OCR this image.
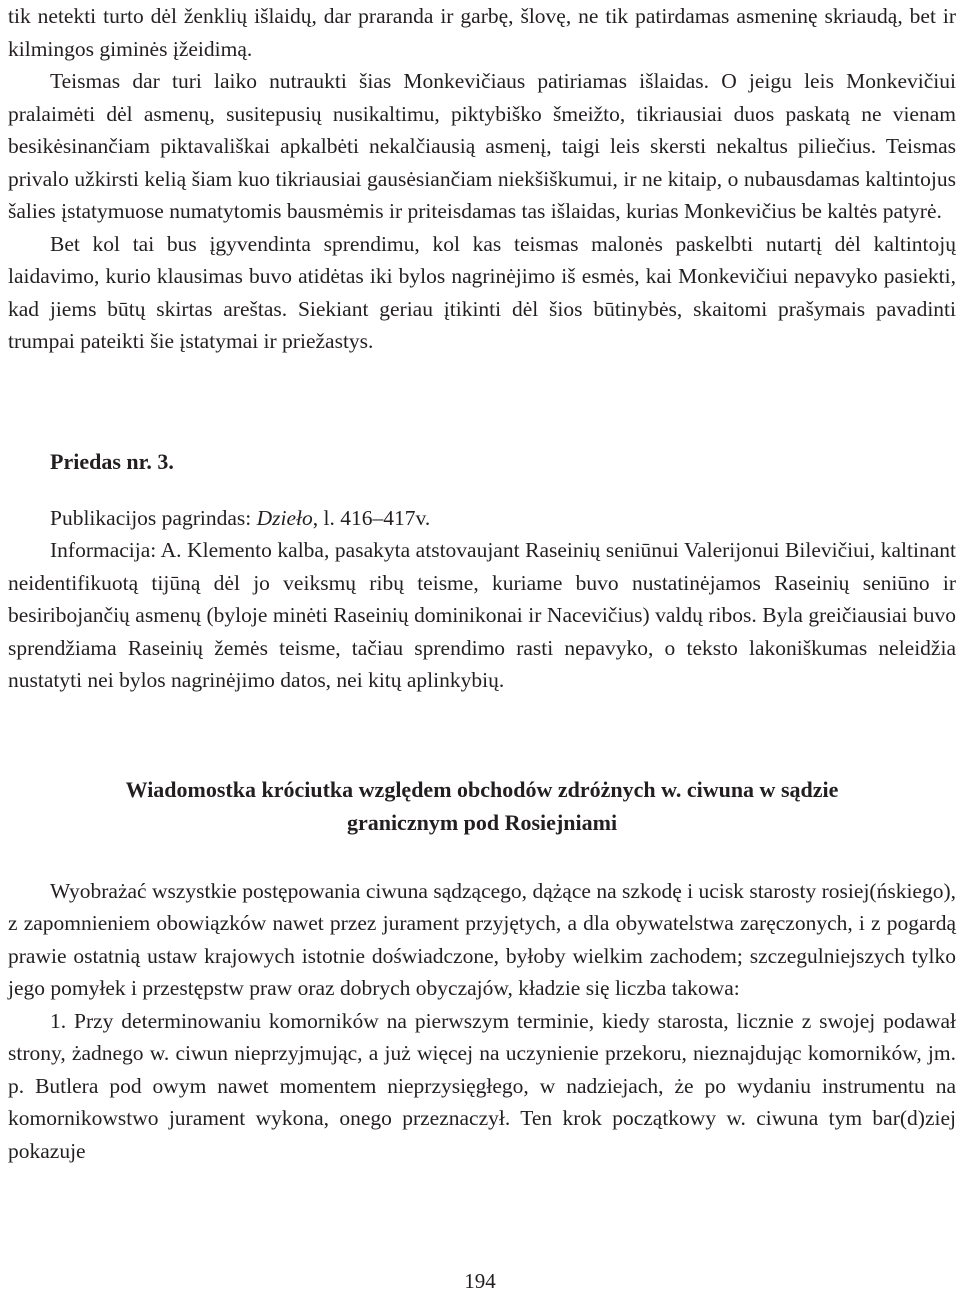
tik netekti turto dėl ženklių išlaidų, dar praranda ir garbę, šlovę, ne tik patirdamas asmeninę skriaudą, bet ir kilmingos giminės įžeidimą.

Teismas dar turi laiko nutraukti šias Monkevičiaus patiriamas išlaidas. O jeigu leis Monkevičiui pralaimėti dėl asmenų, susitepusių nusikaltimu, piktybiško šmeižto, tikriausiai duos paskatą ne vienam besikėsinančiam piktavališkai apkalbėti nekalčiausią asmenį, taigi leis skersti nekaltus piliečius. Teismas privalo užkirsti kelią šiam kuo tikriausiai gausėsiančiam niekšiškumui, ir ne kitaip, o nubausdamas kaltintojus šalies įstatymuose numatytomis bausmėmis ir priteisdamas tas išlaidas, kurias Monkevičius be kaltės patyrė.

Bet kol tai bus įgyvendinta sprendimu, kol kas teismas malonės paskelbti nutartį dėl kaltintojų laidavimo, kurio klausimas buvo atidėtas iki bylos nagrinėjimo iš esmės, kai Monkevičiui nepavyko pasiekti, kad jiems būtų skirtas areštas. Siekiant geriau įtikinti dėl šios būtinybės, skaitomi prašymais pavadinti trumpai pateikti šie įstatymai ir priežastys.

Priedas nr. 3.

Publikacijos pagrindas: Dzieło, l. 416–417v.

Informacija: A. Klemento kalba, pasakyta atstovaujant Raseinių seniūnui Valerijonui Bilevičiui, kaltinant neidentifikuotą tijūną dėl jo veiksmų ribų teisme, kuriame buvo nustatinėjamos Raseinių seniūno ir besiribojančių asmenų (byloje minėti Raseinių dominikonai ir Nacevičius) valdų ribos. Byla greičiausiai buvo sprendžiama Raseinių žemės teisme, tačiau sprendimo rasti nepavyko, o teksto lakoniškumas neleidžia nustatyti nei bylos nagrinėjimo datos, nei kitų aplinkybių.

Wiadomostka króciutka względem obchodów zdróżnych w. ciwuna w sądzie
granicznym pod Rosiejniami

Wyobrażać wszystkie postępowania ciwuna sądzącego, dążące na szkodę i ucisk starosty rosiej(ńskiego), z zapomnieniem obowiązków nawet przez jurament przyjętych, a dla obywatelstwa zaręczonych, i z pogardą prawie ostatnią ustaw krajowych istotnie doświadczone, byłoby wielkim zachodem; szczegulniejszych tylko jego pomyłek i przestępstw praw oraz dobrych obyczajów, kładzie się liczba takowa:

1. Przy determinowaniu komorników na pierwszym terminie, kiedy starosta, licznie z swojej podawał strony, żadnego w. ciwun nieprzyjmując, a już więcej na uczynienie przekoru, nieznajdując komorników, jm. p. Butlera pod owym nawet momentem nieprzysięgłego, w nadziejach, że po wydaniu instrumentu na komornikowstwo jurament wykona, onego przeznaczył. Ten krok początkowy w. ciwuna tym bar(d)ziej pokazuje

194
